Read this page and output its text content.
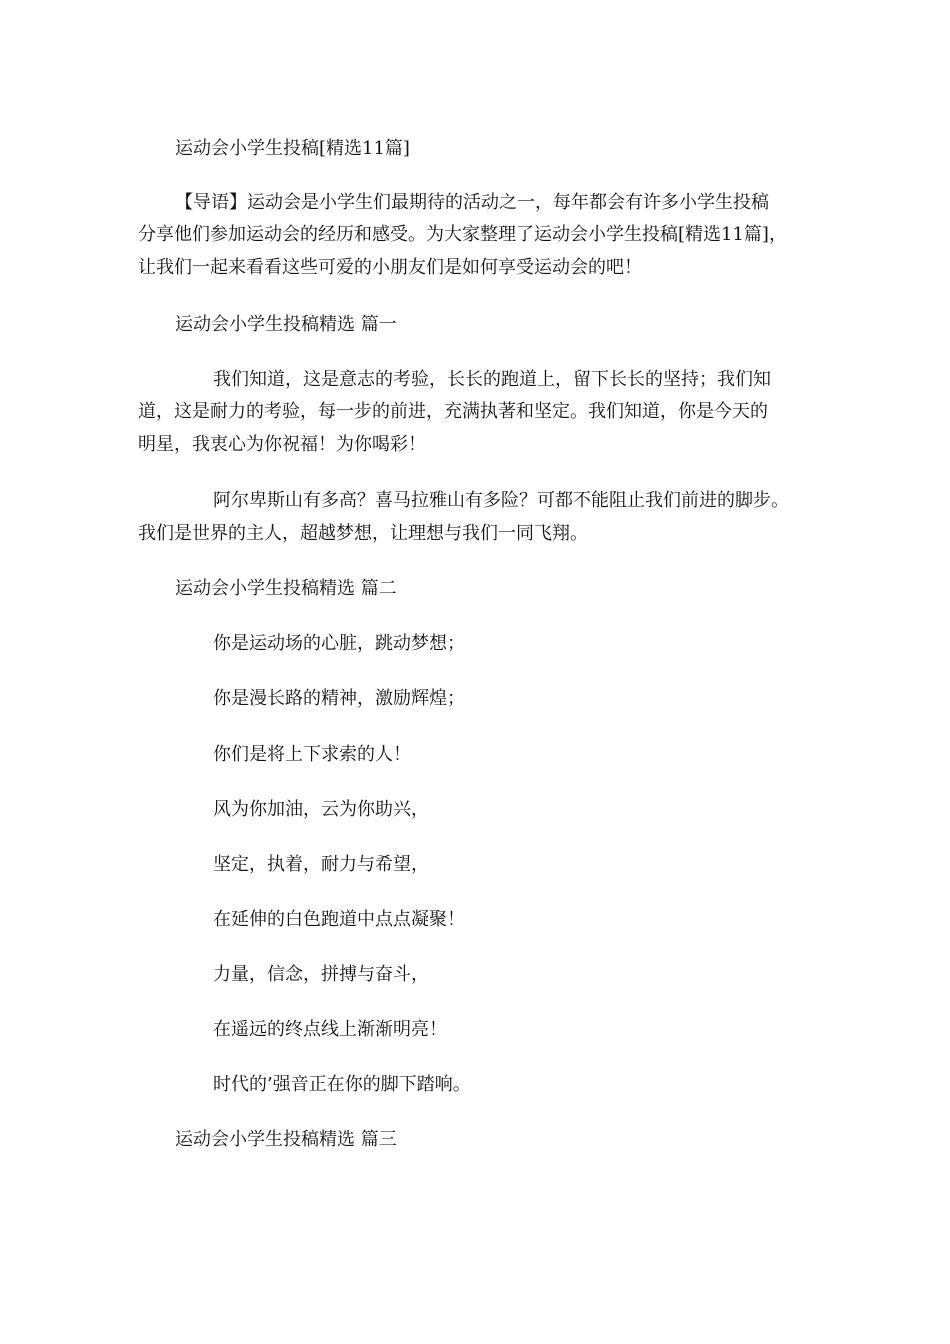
运动会小学生投稿[精选11篇]

【导语】运动会是小学生们最期待的活动之一，每年都会有许多小学生投稿

分享他们参加运动会的经历和感受。为大家整理了运动会小学生投稿[精选11篇]，

让我们一起来看看这些可爱的小朋友们是如何享受运动会的吧！

运动会小学生投稿精选 篇一

我们知道，这是意志的考验，长长的跑道上，留下长长的坚持；我们知

道，这是耐力的考验，每一步的前进，充满执著和坚定。我们知道，你是今天的

明星，我衷心为你祝福！为你喝彩！

阿尔卑斯山有多高？喜马拉雅山有多险？可都不能阻止我们前进的脚步。

我们是世界的主人，超越梦想，让理想与我们一同飞翔。

运动会小学生投稿精选 篇二

你是运动场的心脏，跳动梦想；

你是漫长路的精神，激励辉煌；

你们是将上下求索的人！

风为你加油，云为你助兴，

坚定，执着，耐力与希望，

在延伸的白色跑道中点点凝聚！

力量，信念，拼搏与奋斗，

在遥远的终点线上渐渐明亮！

时代的’强音正在你的脚下踏响。

运动会小学生投稿精选 篇三
